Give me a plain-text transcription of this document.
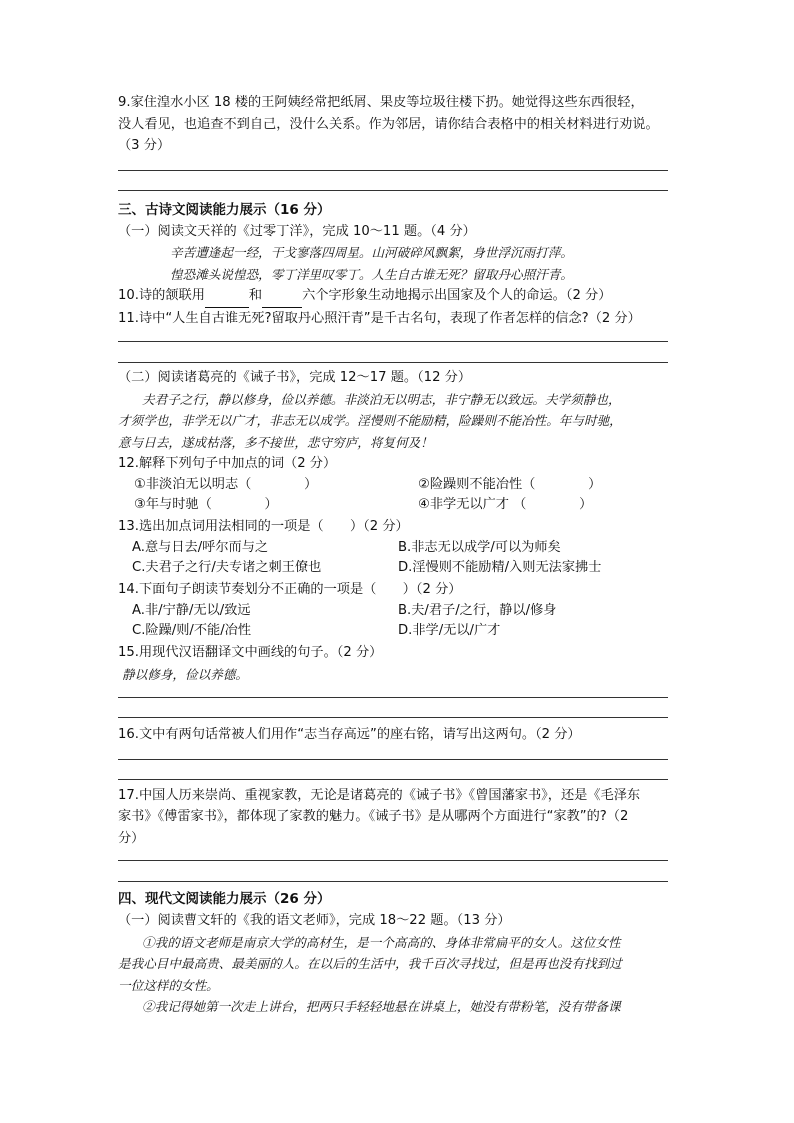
9.家住湟水小区 18 楼的王阿姨经常把纸屑、果皮等垃圾往楼下扔。她觉得这些东西很轻，

没人看见，也追查不到自己，没什么关系。作为邻居，请你结合表格中的相关材料进行劝说。

（3 分）

三、古诗文阅读能力展示（16 分）

（一）阅读文天祥的《过零丁洋》，完成 10～11 题。（4 分）

辛苦遭逢起一经，干戈寥落四周星。山河破碎风飘絮，身世浮沉雨打萍。

惶恐滩头说惶恐，零丁洋里叹零丁。人生自古谁无死？留取丹心照汗青。

10.诗的颔联用	和	六个字形象生动地揭示出国家及个人的命运。（2 分）

11.诗中“人生自古谁无死?留取丹心照汗青”是千古名句，表现了作者怎样的信念?（2 分）

（二）阅读诸葛亮的《诫子书》，完成 12～17 题。（12 分）

夫君子之行，静以修身，俭以养德。非淡泊无以明志，非宁静无以致远。夫学须静也，

才须学也，非学无以广才，非志无以成学。淫慢则不能励精，险躁则不能冶性。年与时驰，

意与日去，遂成枯落，多不接世，悲守穷庐，将复何及！

12.解释下列句子中加点的词（2 分）

①非淡泊无以明志（　　　　）	②险躁则不能冶性（　　　　）
③年与时驰（　　　　）	④非学无以广才 （　　　　）

13.选出加点词用法相同的一项是（　　）（2 分）

A.意与日去/呼尔而与之	B.非志无以成学/可以为师矣
C.夫君子之行/夫专诸之刺王僚也	D.淫慢则不能励精/入则无法家拂士

14.下面句子朗读节奏划分不正确的一项是（　　）（2 分）

A.非/宁静/无以/致远	B.夫/君子/之行，静以/修身
C.险躁/则/不能/冶性	D.非学/无以/广才

15.用现代汉语翻译文中画线的句子。（2 分）

静以修身，俭以养德。

16.文中有两句话常被人们用作“志当存高远”的座右铭，请写出这两句。（2 分）

17.中国人历来崇尚、重视家教，无论是诸葛亮的《诫子书》《曾国藩家书》，还是《毛泽东

家书》《傅雷家书》，都体现了家教的魅力。《诫子书》是从哪两个方面进行“家教”的?（2

分）

四、现代文阅读能力展示（26 分）

（一）阅读曹文轩的《我的语文老师》，完成 18～22 题。（13 分）

①我的语文老师是南京大学的高材生，是一个高高的、身体非常扁平的女人。这位女性

是我心目中最高贵、最美丽的人。在以后的生活中，我千百次寻找过，但是再也没有找到过

一位这样的女性。

②我记得她第一次走上讲台，把两只手轻轻地悬在讲桌上，她没有带粉笔，没有带备课
